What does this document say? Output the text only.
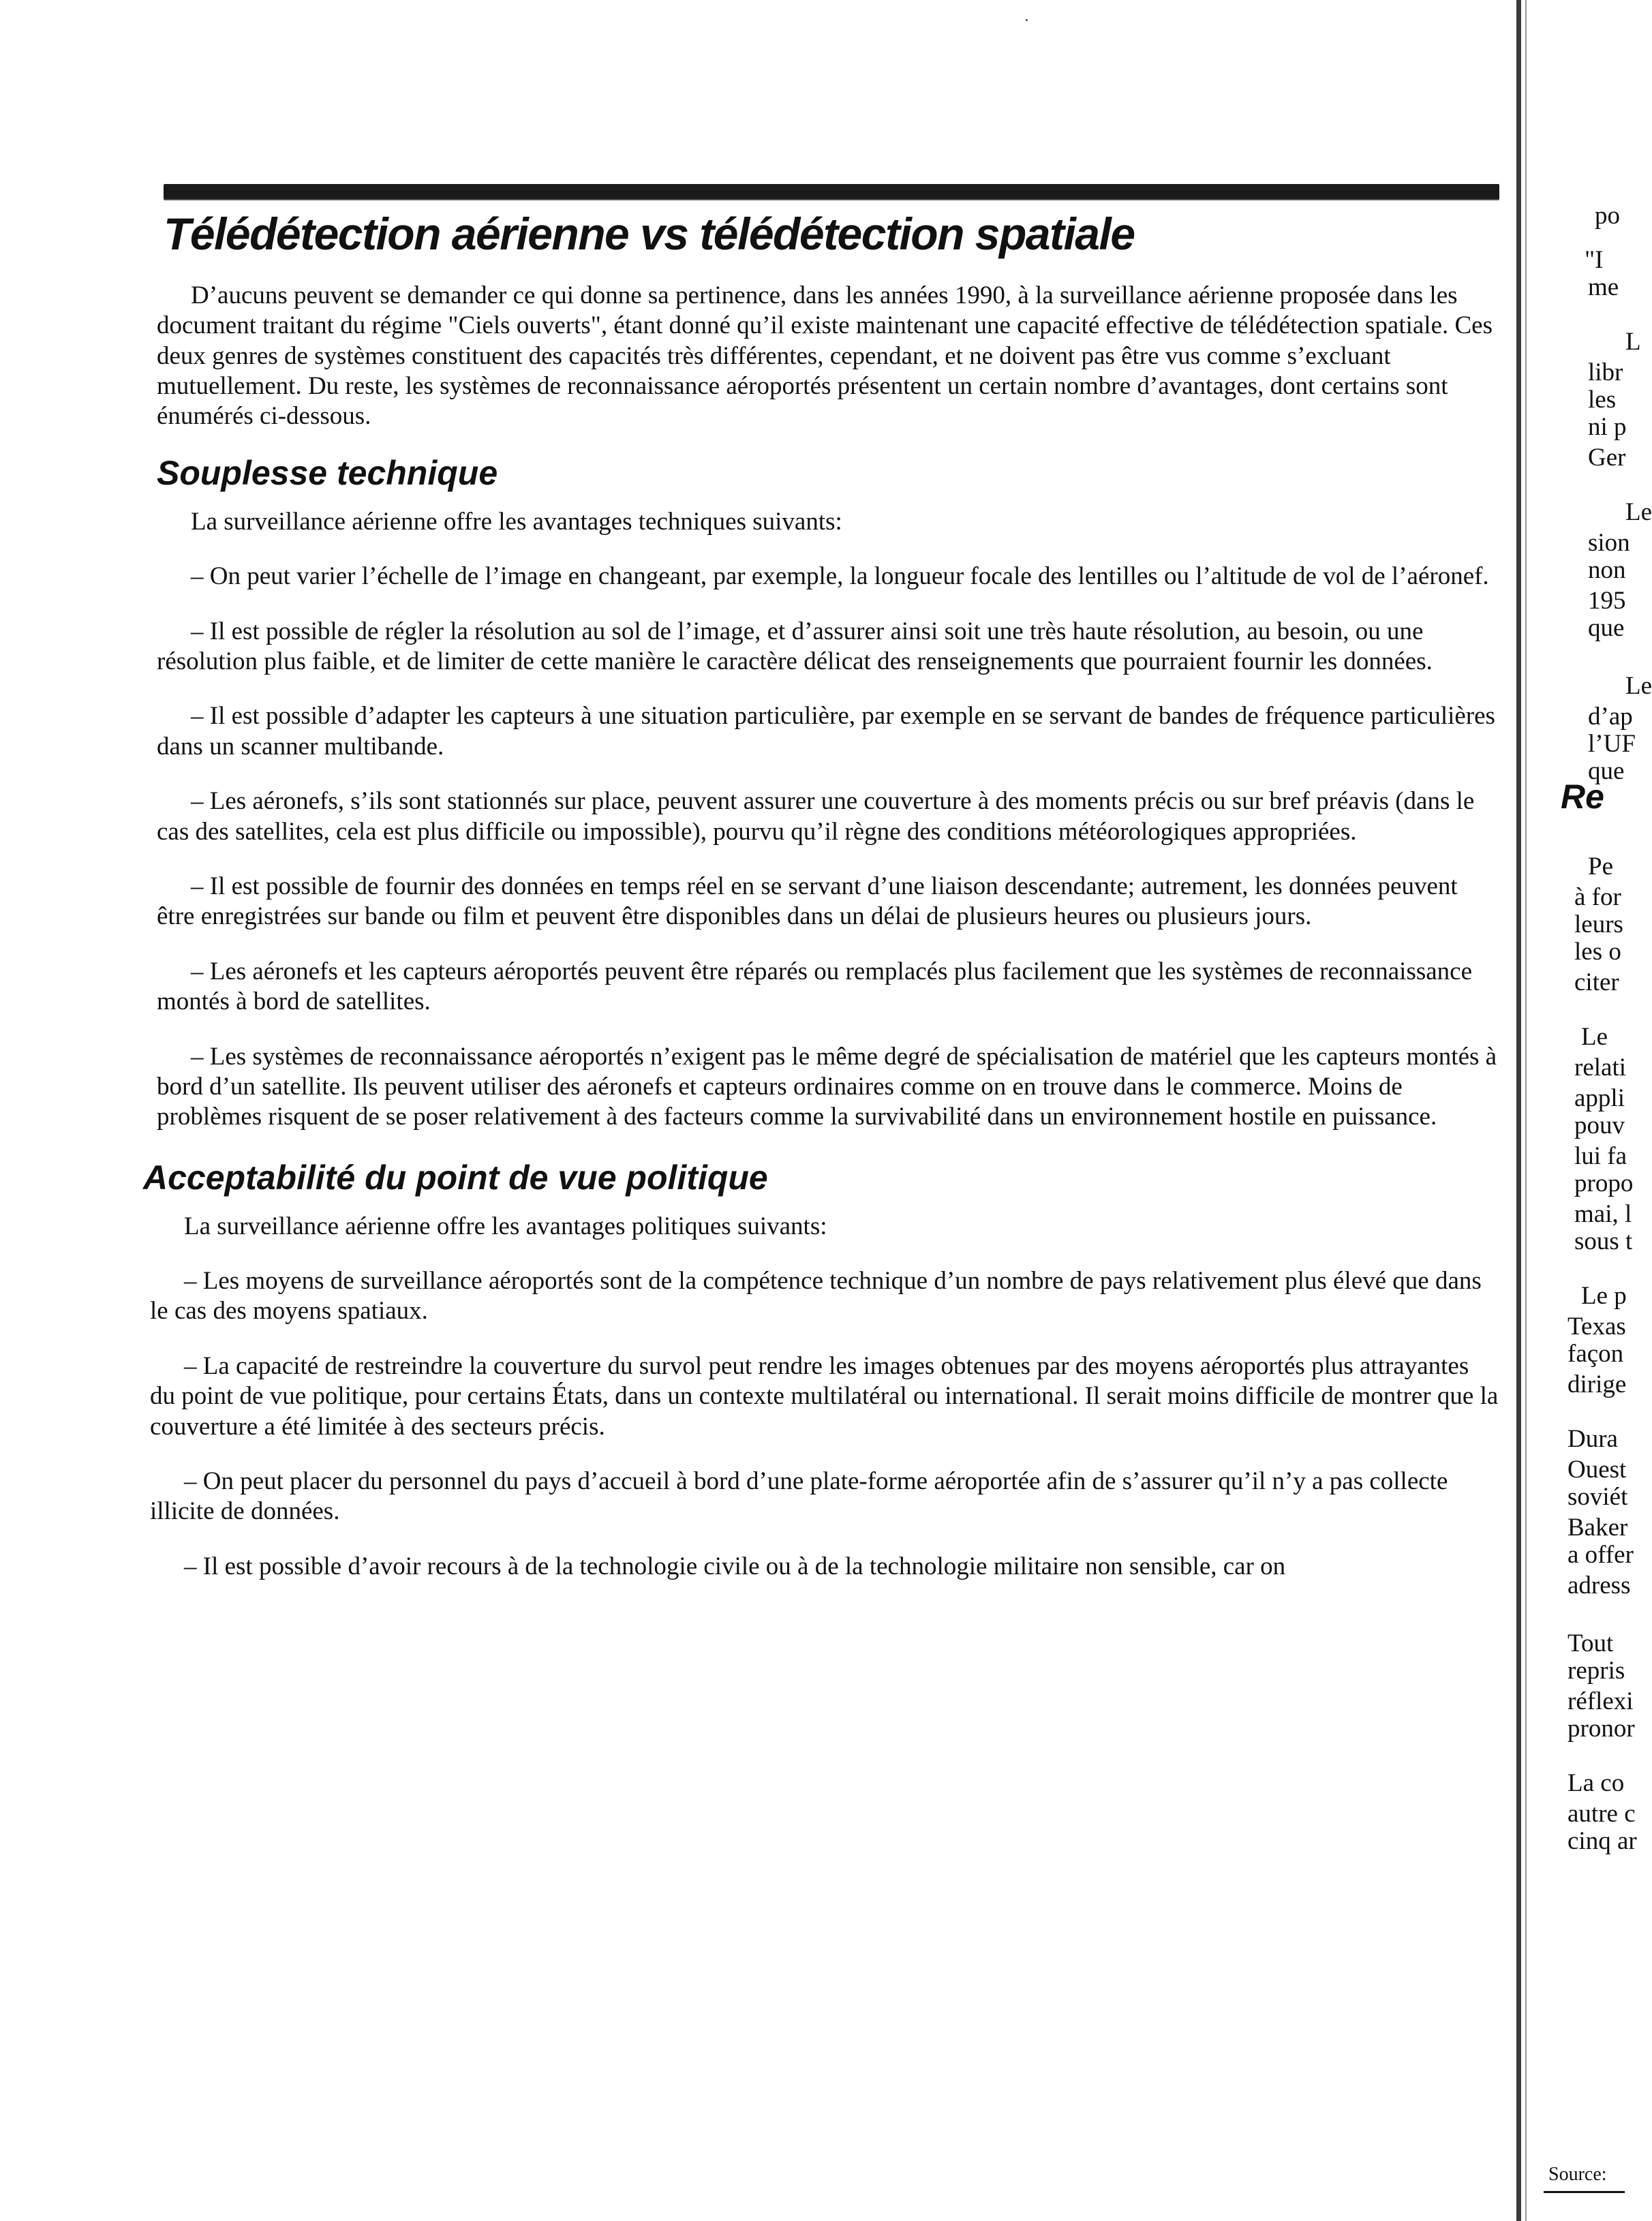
Télédétection aérienne vs télédétection spatiale

D’aucuns peuvent se demander ce qui donne sa pertinence, dans les années 1990, à la surveillance aérienne proposée dans les document traitant du régime "Ciels ouverts", étant donné qu’il existe maintenant une capacité effective de télédétection spatiale. Ces deux genres de systèmes constituent des capacités très différentes, cependant, et ne doivent pas être vus comme s’excluant mutuellement. Du reste, les systèmes de reconnaissance aéroportés présentent un certain nombre d’avantages, dont certains sont énumérés ci-dessous.

Souplesse technique

La surveillance aérienne offre les avantages techniques suivants:

– On peut varier l’échelle de l’image en changeant, par exemple, la longueur focale des lentilles ou l’altitude de vol de l’aéronef.

– Il est possible de régler la résolution au sol de l’image, et d’assurer ainsi soit une très haute résolution, au besoin, ou une résolution plus faible, et de limiter de cette manière le caractère délicat des renseignements que pourraient fournir les données.

– Il est possible d’adapter les capteurs à une situation particulière, par exemple en se servant de bandes de fréquence particulières dans un scanner multibande.

– Les aéronefs, s’ils sont stationnés sur place, peuvent assurer une couverture à des moments précis ou sur bref préavis (dans le cas des satellites, cela est plus difficile ou impossible), pourvu qu’il règne des conditions météorologiques appropriées.

– Il est possible de fournir des données en temps réel en se servant d’une liaison descendante; autrement, les données peuvent être enregistrées sur bande ou film et peuvent être disponibles dans un délai de plusieurs heures ou plusieurs jours.

– Les aéronefs et les capteurs aéroportés peuvent être réparés ou remplacés plus facilement que les systèmes de reconnaissance montés à bord de satellites.

– Les systèmes de reconnaissance aéroportés n’exigent pas le même degré de spécialisation de matériel que les capteurs montés à bord d’un satellite. Ils peuvent utiliser des aéronefs et capteurs ordinaires comme on en trouve dans le commerce. Moins de problèmes risquent de se poser relativement à des facteurs comme la survivabilité dans un environnement hostile en puissance.

Acceptabilité du point de vue politique

La surveillance aérienne offre les avantages politiques suivants:

– Les moyens de surveillance aéroportés sont de la compétence technique d’un nombre de pays relativement plus élevé que dans le cas des moyens spatiaux.

– La capacité de restreindre la couverture du survol peut rendre les images obtenues par des moyens aéroportés plus attrayantes du point de vue politique, pour certains États, dans un contexte multilatéral ou international. Il serait moins difficile de montrer que la couverture a été limitée à des secteurs précis.

– On peut placer du personnel du pays d’accueil à bord d’une plate-forme aéroportée afin de s’assurer qu’il n’y a pas collecte illicite de données.

– Il est possible d’avoir recours à de la technologie civile ou à de la technologie militaire non sensible, car on

Re
Source:
po
"I
me
L
libr
les
ni p
Ger
Le
sion
non
195
que
Le
d’ap
l’UF
que
Pe
à for
leurs
les o
citer
Le
relati
appli
pouv
lui fa
propo
mai, l
sous t
Le p
Texas
façon
dirige
Dura
Ouest
soviét
Baker
a offer
adress
Tout
repris
réflexi
pronor
La co
autre c
cinq ar
